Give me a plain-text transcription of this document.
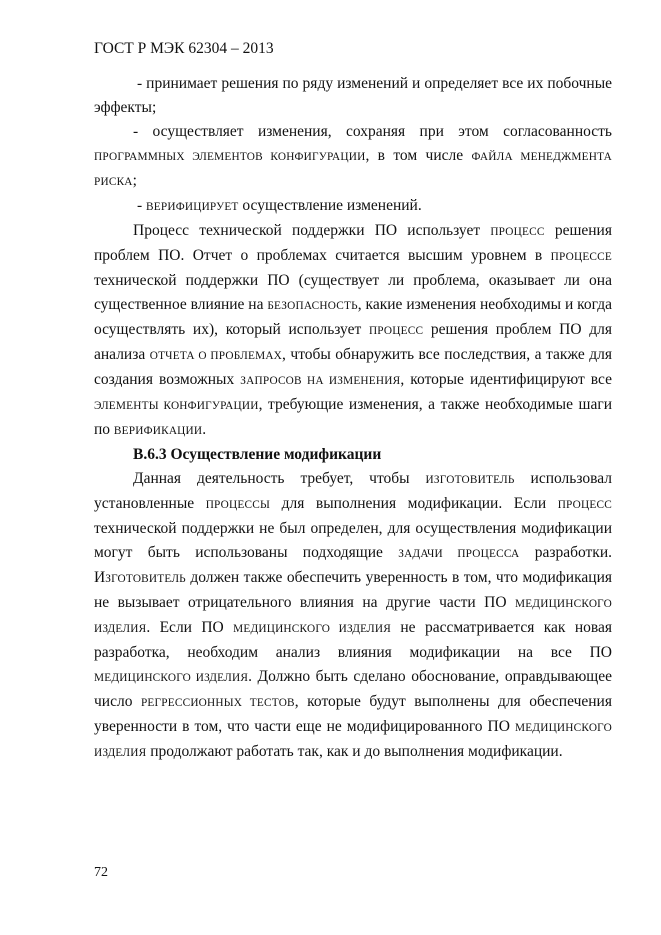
ГОСТ Р МЭК 62304 – 2013

- принимает решения по ряду изменений и определяет все их побочные эффекты;

- осуществляет изменения, сохраняя при этом согласованность ПРОГРАММНЫХ ЭЛЕМЕНТОВ КОНФИГУРАЦИИ, в том числе ФАЙЛА МЕНЕДЖМЕНТА РИСКА;

- ВЕРИФИЦИРУЕТ осуществление изменений.

Процесс технической поддержки ПО использует ПРОЦЕСС решения проблем ПО. Отчет о проблемах считается высшим уровнем в ПРОЦЕССЕ технической поддержки ПО (существует ли проблема, оказывает ли она существенное влияние на БЕЗОПАСНОСТЬ, какие изменения необходимы и когда осуществлять их), который использует ПРОЦЕСС решения проблем ПО для анализа ОТЧЕТА О ПРОБЛЕМАХ, чтобы обнаружить все последствия, а также для создания возможных ЗАПРОСОВ НА ИЗМЕНЕНИЯ, которые идентифицируют все ЭЛЕМЕНТЫ КОНФИГУРАЦИИ, требующие изменения, а также необходимые шаги по ВЕРИФИКАЦИИ.

B.6.3 Осуществление модификации

Данная деятельность требует, чтобы ИЗГОТОВИТЕЛЬ использовал установленные ПРОЦЕССЫ для выполнения модификации. Если ПРОЦЕСС технической поддержки не был определен, для осуществления модификации могут быть использованы подходящие ЗАДАЧИ ПРОЦЕССА разработки. ИЗГОТОВИТЕЛЬ должен также обеспечить уверенность в том, что модификация не вызывает отрицательного влияния на другие части ПО МЕДИЦИНСКОГО ИЗДЕЛИЯ. Если ПО МЕДИЦИНСКОГО ИЗДЕЛИЯ не рассматривается как новая разработка, необходим анализ влияния модификации на все ПО МЕДИЦИНСКОГО ИЗДЕЛИЯ. Должно быть сделано обоснование, оправдывающее число РЕГРЕССИОННЫХ ТЕСТОВ, которые будут выполнены для обеспечения уверенности в том, что части еще не модифицированного ПО МЕДИЦИНСКОГО ИЗДЕЛИЯ продолжают работать так, как и до выполнения модификации.

72
